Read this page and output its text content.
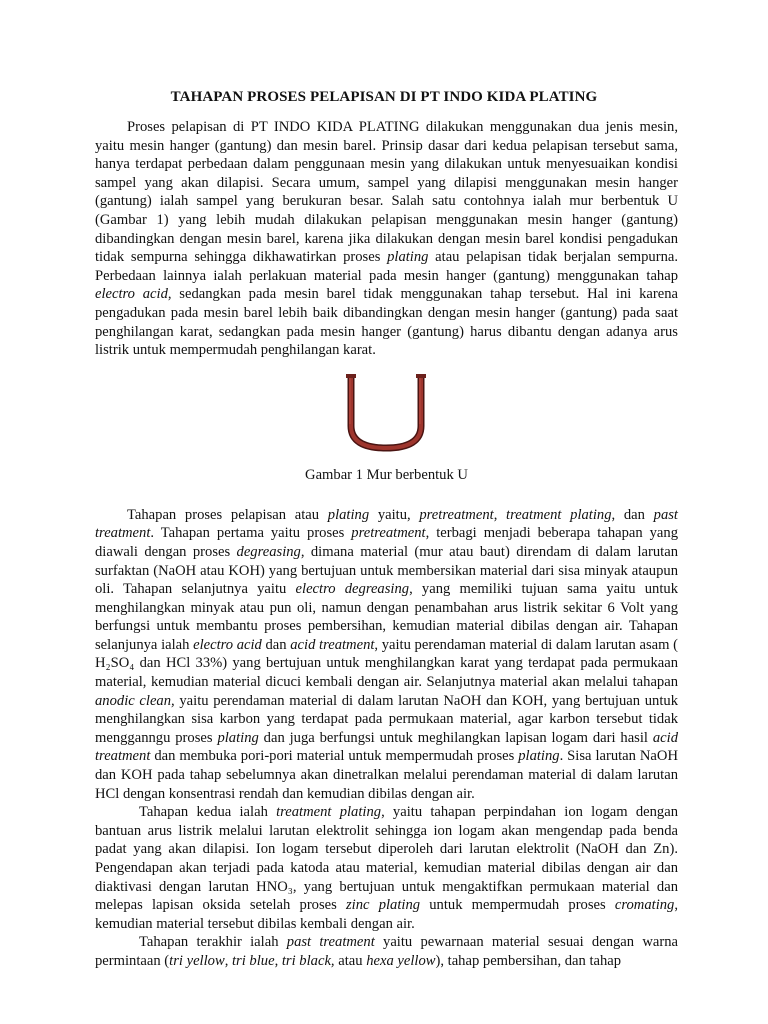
TAHAPAN PROSES PELAPISAN DI PT INDO KIDA PLATING

Proses pelapisan di PT INDO KIDA PLATING dilakukan menggunakan dua jenis mesin, yaitu mesin hanger (gantung) dan mesin barel. Prinsip dasar dari kedua pelapisan tersebut sama, hanya terdapat perbedaan dalam penggunaan mesin yang dilakukan untuk menyesuaikan kondisi sampel yang akan dilapisi. Secara umum, sampel yang dilapisi menggunakan mesin hanger (gantung) ialah sampel yang berukuran besar. Salah satu contohnya ialah mur berbentuk U (Gambar 1) yang lebih mudah dilakukan pelapisan menggunakan mesin hanger (gantung) dibandingkan dengan mesin barel, karena jika dilakukan dengan mesin barel kondisi pengadukan tidak sempurna sehingga dikhawatirkan proses plating atau pelapisan tidak berjalan sempurna. Perbedaan lainnya ialah perlakuan material pada mesin hanger (gantung) menggunakan tahap electro acid, sedangkan pada mesin barel tidak menggunakan tahap tersebut. Hal ini karena pengadukan pada mesin barel lebih baik dibandingkan dengan mesin hanger (gantung) pada saat penghilangan karat, sedangkan pada mesin hanger (gantung) harus dibantu dengan adanya arus listrik untuk mempermudah penghilangan karat.

Gambar 1 Mur berbentuk U

Tahapan proses pelapisan atau plating yaitu, pretreatment, treatment plating, dan past treatment. Tahapan pertama yaitu proses pretreatment, terbagi menjadi beberapa tahapan yang diawali dengan proses degreasing, dimana material (mur atau baut) direndam di dalam larutan surfaktan (NaOH atau KOH) yang bertujuan untuk membersikan material dari sisa minyak ataupun oli. Tahapan selanjutnya yaitu electro degreasing, yang memiliki tujuan sama yaitu untuk menghilangkan minyak atau pun oli, namun dengan penambahan arus listrik sekitar 6 Volt yang berfungsi untuk membantu proses pembersihan, kemudian material dibilas dengan air. Tahapan selanjunya ialah electro acid dan acid treatment, yaitu perendaman material di dalam larutan asam ( H₂SO₄ dan HCl 33%) yang bertujuan untuk menghilangkan karat yang terdapat pada permukaan material, kemudian material dicuci kembali dengan air. Selanjutnya material akan melalui tahapan anodic clean, yaitu perendaman material di dalam larutan NaOH dan KOH, yang bertujuan untuk menghilangkan sisa karbon yang terdapat pada permukaan material, agar karbon tersebut tidak mengganngu proses plating dan juga berfungsi untuk meghilangkan lapisan logam dari hasil acid treatment dan membuka pori-pori material untuk mempermudah proses plating. Sisa larutan NaOH dan KOH pada tahap sebelumnya akan dinetralkan melalui perendaman material di dalam larutan HCl dengan konsentrasi rendah dan kemudian dibilas dengan air.

Tahapan kedua ialah treatment plating, yaitu tahapan perpindahan ion logam dengan bantuan arus listrik melalui larutan elektrolit sehingga ion logam akan mengendap pada benda padat yang akan dilapisi. Ion logam tersebut diperoleh dari larutan elektrolit (NaOH dan Zn). Pengendapan akan terjadi pada katoda atau material, kemudian material dibilas dengan air dan diaktivasi dengan larutan HNO₃, yang bertujuan untuk mengaktifkan permukaan material dan melepas lapisan oksida setelah proses zinc plating untuk mempermudah proses cromating, kemudian material tersebut dibilas kembali dengan air.

Tahapan terakhir ialah past treatment yaitu pewarnaan material sesuai dengan warna permintaan (tri yellow, tri blue, tri black, atau hexa yellow), tahap pembersihan, dan tahap
